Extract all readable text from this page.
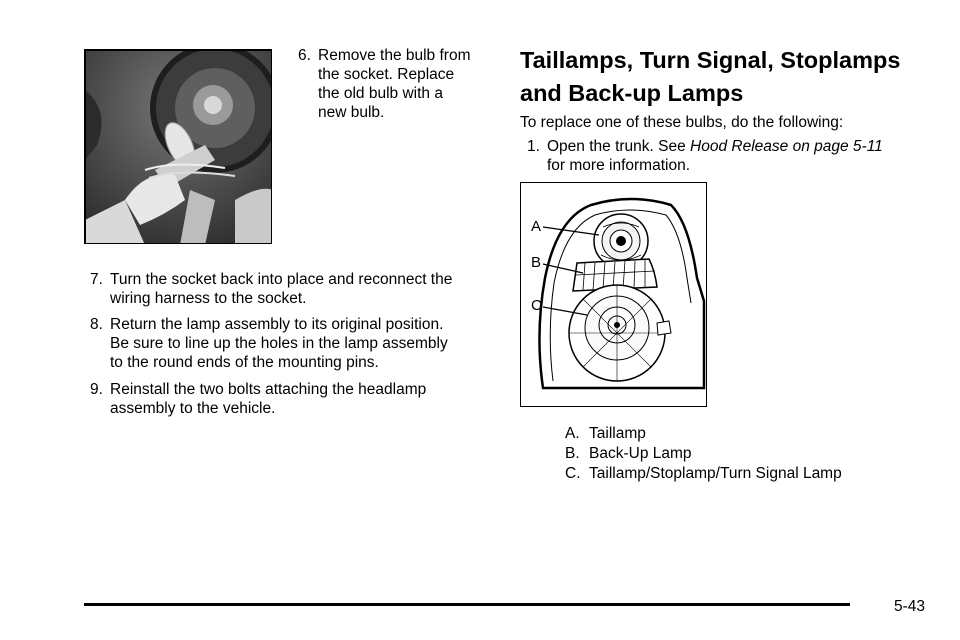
6. Remove the bulb from
the socket. Replace
the old bulb with a
new bulb.
7. Turn the socket back into place and reconnect the
wiring harness to the socket.
8. Return the lamp assembly to its original position.
Be sure to line up the holes in the lamp assembly
to the round ends of the mounting pins.
9. Reinstall the two bolts attaching the headlamp
assembly to the vehicle.
Taillamps, Turn Signal, Stoplamps
and Back-up Lamps
To replace one of these bulbs, do the following:
1. Open the trunk. See Hood Release on page 5-11
for more information.
A
B
C
A. Taillamp
B. Back-Up Lamp
C. Taillamp/Stoplamp/Turn Signal Lamp
5-43
